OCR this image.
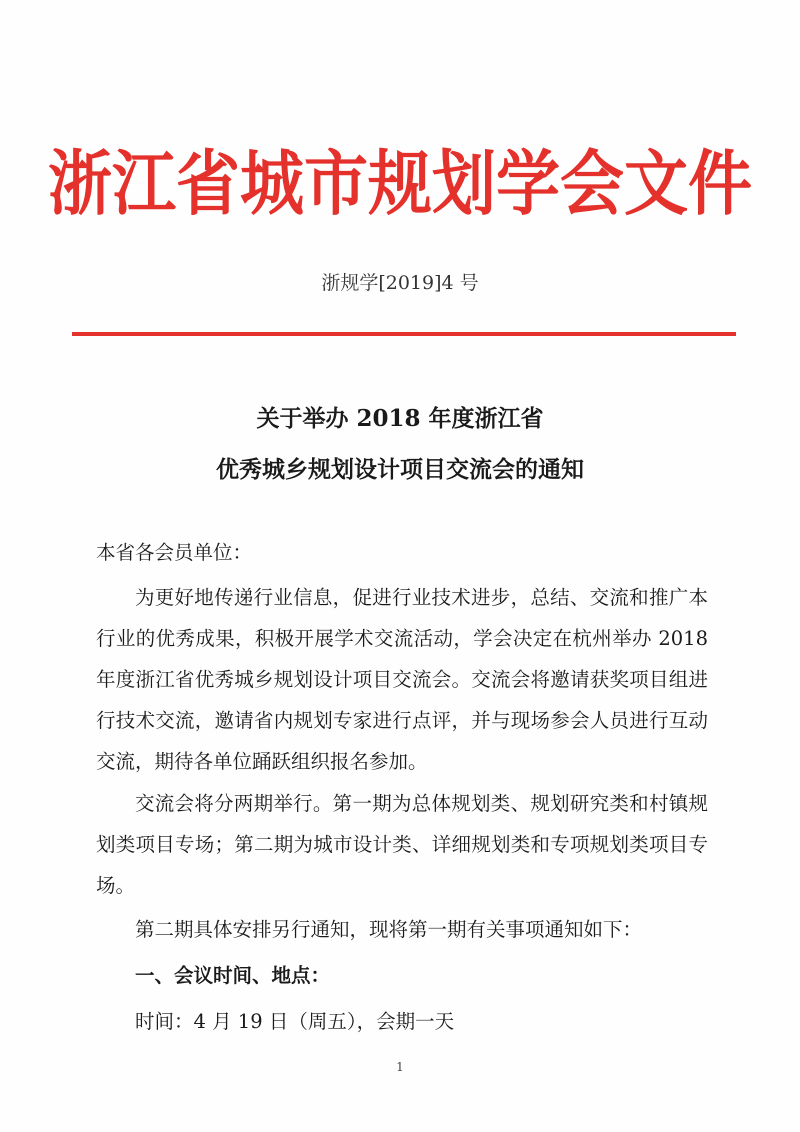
浙江省城市规划学会文件
浙规学[2019]4 号
关于举办 2018 年度浙江省
优秀城乡规划设计项目交流会的通知
本省各会员单位：
为更好地传递行业信息，促进行业技术进步，总结、交流和推广本行业的优秀成果，积极开展学术交流活动，学会决定在杭州举办 2018 年度浙江省优秀城乡规划设计项目交流会。交流会将邀请获奖项目组进行技术交流，邀请省内规划专家进行点评，并与现场参会人员进行互动交流，期待各单位踊跃组织报名参加。
交流会将分两期举行。第一期为总体规划类、规划研究类和村镇规划类项目专场；第二期为城市设计类、详细规划类和专项规划类项目专场。
第二期具体安排另行通知，现将第一期有关事项通知如下：
一、会议时间、地点：
时间：4 月 19 日（周五），会期一天
1
